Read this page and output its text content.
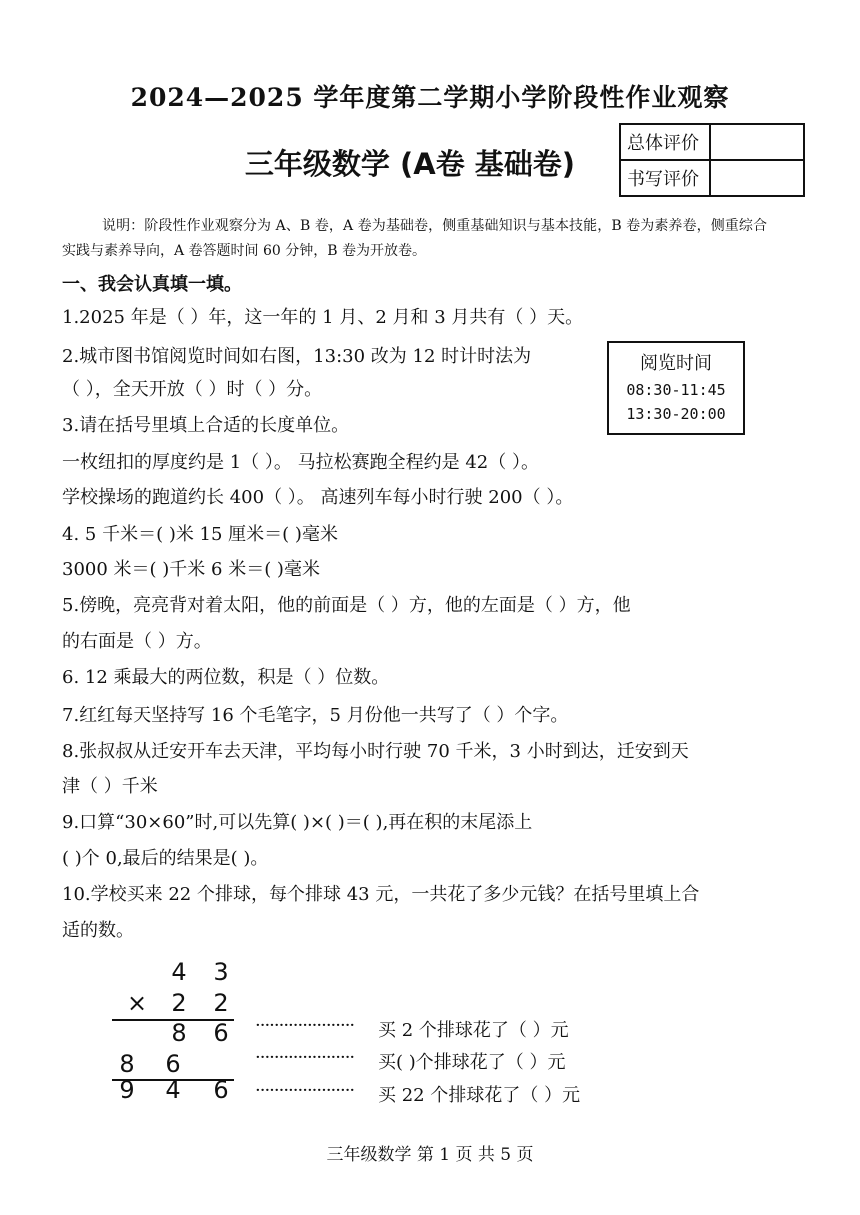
2024—2025 学年度第二学期小学阶段性作业观察
三年级数学 (A卷 基础卷)
总体评价	
书写评价	
说明：阶段性作业观察分为 A、B 卷，A 卷为基础卷，侧重基础知识与基本技能，B 卷为素养卷，侧重综合实践与素养导向，A 卷答题时间 60 分钟，B 卷为开放卷。
一、我会认真填一填。
1.2025 年是（ ）年，这一年的 1 月、2 月和 3 月共有（ ）天。
2.城市图书馆阅览时间如右图，13:30 改为 12 时计时法为
（ ），全天开放（ ）时（ ）分。
阅览时间
08:30-11:45
13:30-20:00
3.请在括号里填上合适的长度单位。
一枚纽扣的厚度约是 1（ ）。 马拉松赛跑全程约是 42（ ）。
学校操场的跑道约长 400（ ）。 高速列车每小时行驶 200（ ）。
4. 5 千米＝( )米 15 厘米＝( )毫米
3000 米＝( )千米 6 米＝( )毫米
5.傍晚，亮亮背对着太阳，他的前面是（ ）方，他的左面是（ ）方，他
的右面是（ ）方。
6. 12 乘最大的两位数，积是（ ）位数。
7.红红每天坚持写 16 个毛笔字，5 月份他一共写了（ ）个字。
8.张叔叔从迁安开车去天津，平均每小时行驶 70 千米，3 小时到达，迁安到天
津（ ）千米
9.口算“30×60”时,可以先算( )×( )＝( ),再在积的末尾添上
( )个 0,最后的结果是( )。
10.学校买来 22 个排球，每个排球 43 元，一共花了多少元钱？在括号里填上合
适的数。
4 3
× 2 2
8 6
8 6
9 4 6
····················· 买 2 个排球花了（ ）元
····················· 买( )个排球花了（ ）元
····················· 买 22 个排球花了（ ）元
三年级数学 第 1 页 共 5 页
